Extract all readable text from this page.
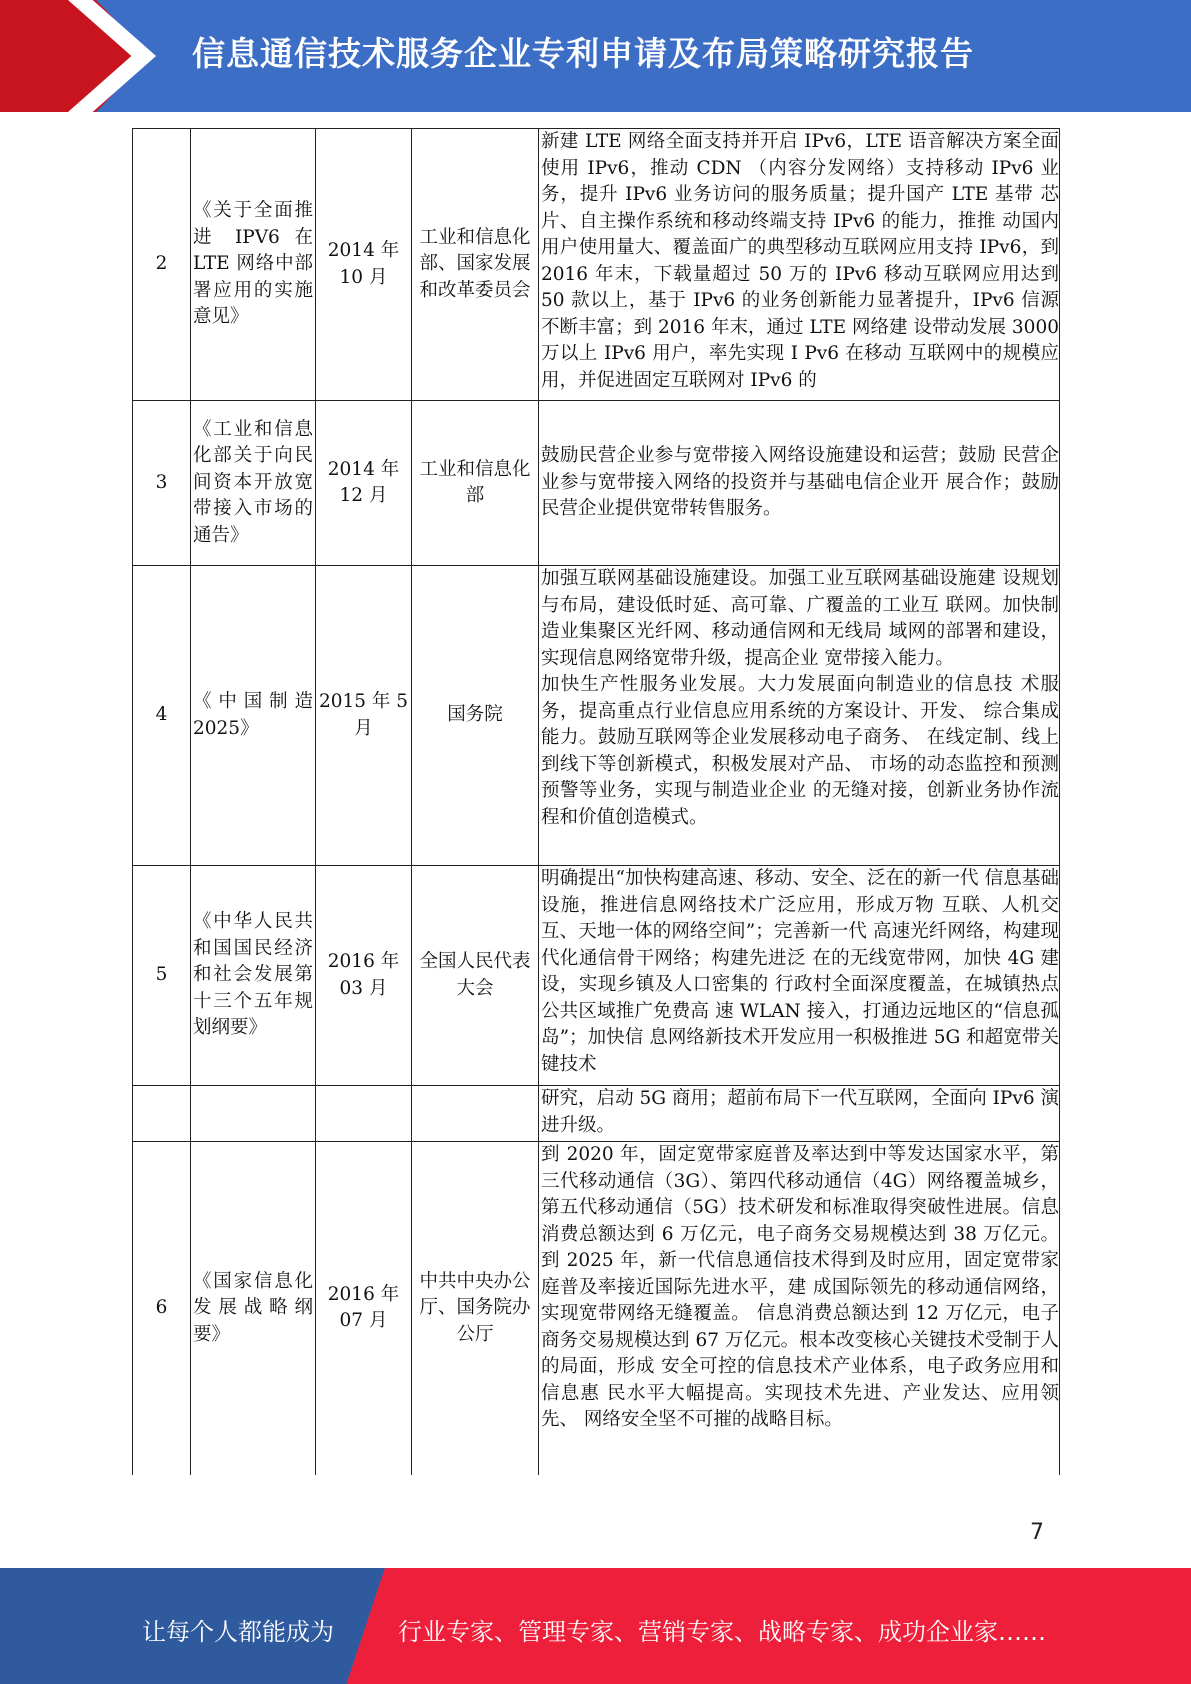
信息通信技术服务企业专利申请及布局策略研究报告
2	《关于全面推进 IPV6 在 LTE 网络中部署应用的实施意见》	2014 年 10 月	工业和信息化部、国家发展和改革委员会	新建 LTE 网络全面支持并开启 IPv6，LTE 语音解决方案全面使用 IPv6，推动 CDN （内容分发网络）支持移动 IPv6 业务，提升 IPv6 业务访问的服务质量；提升国产 LTE 基带 芯片、自主操作系统和移动终端支持 IPv6 的能力，推推 动国内用户使用量大、覆盖面广的典型移动互联网应用支持 IPv6，到 2016 年末，下载量超过 50 万的 IPv6 移动互联网应用达到 50 款以上，基于 IPv6 的业务创新能力显著提升，IPv6 信源不断丰富；到 2016 年末，通过 LTE 网络建 设带动发展 3000 万以上 IPv6 用户，率先实现 I Pv6 在移动 互联网中的规模应用，并促进固定互联网对 IPv6 的
3	《工业和信息化部关于向民间资本开放宽带接入市场的 通告》	2014 年 12 月	工业和信息化部	鼓励民营企业参与宽带接入网络设施建设和运营；鼓励 民营企业参与宽带接入网络的投资并与基础电信企业开 展合作；鼓励民营企业提供宽带转售服务。
4	《中国制造 2025》	2015 年 5 月	国务院	加强互联网基础设施建设。加强工业互联网基础设施建 设规划与布局，建设低时延、高可靠、广覆盖的工业互 联网。加快制造业集聚区光纤网、移动通信网和无线局 域网的部署和建设，实现信息网络宽带升级，提高企业 宽带接入能力。
加快生产性服务业发展。大力发展面向制造业的信息技 术服务，提高重点行业信息应用系统的方案设计、开发、 综合集成能力。鼓励互联网等企业发展移动电子商务、 在线定制、线上到线下等创新模式，积极发展对产品、 市场的动态监控和预测预警等业务，实现与制造业企业 的无缝对接，创新业务协作流程和价值创造模式。

5	《中华人民共和国国民经济和社会发展第十三个五年规划纲要》	2016 年 03 月	全国人民代表大会	明确提出“加快构建高速、移动、安全、泛在的新一代 信息基础设施，推进信息网络技术广泛应用，形成万物 互联、人机交互、天地一体的网络空间”；完善新一代 高速光纤网络，构建现代化通信骨干网络；构建先进泛 在的无线宽带网，加快 4G 建设，实现乡镇及人口密集的 行政村全面深度覆盖，在城镇热点公共区域推广免费高 速 WLAN 接入，打通边远地区的“信息孤岛”；加快信 息网络新技术开发应用一积极推进 5G 和超宽带关键技术
				研究，启动 5G 商用；超前布局下一代互联网，全面向 IPv6 演进升级。
6	《国家信息化发展战略纲要》	2016 年 07 月	中共中央办公厅、国务院办公厅	到 2020 年，固定宽带家庭普及率达到中等发达国家水平，第三代移动通信（3G）、第四代移动通信（4G）网络覆盖城乡，第五代移动通信（5G）技术研发和标准取得突破性进展。信息消费总额达到 6 万亿元，电子商务交易规模达到 38 万亿元。到 2025 年，新一代信息通信技术得到及时应用，固定宽带家庭普及率接近国际先进水平，建 成国际领先的移动通信网络，实现宽带网络无缝覆盖。 信息消费总额达到 12 万亿元，电子商务交易规模达到 67 万亿元。根本改变核心关键技术受制于人的局面，形成 安全可控的信息技术产业体系，电子政务应用和信息惠 民水平大幅提高。实现技术先进、产业发达、应用领先、 网络安全坚不可摧的战略目标。
7
让每个人都能成为	行业专家、管理专家、营销专家、战略专家、成功企业家……
